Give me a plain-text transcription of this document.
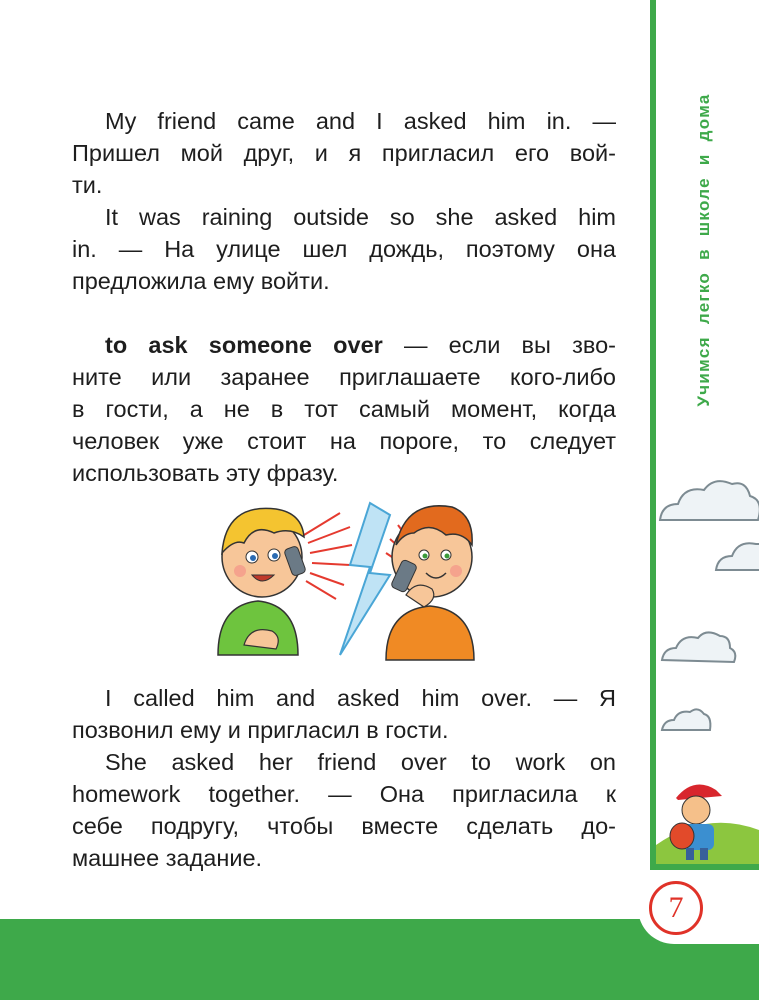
Учимся легко в школе и дома
7

My friend came and I asked him in. —
Пришел мой друг, и я пригласил его вой-
ти.

It was raining outside so she asked him
in. — На улице шел дождь, поэтому она
предложила ему войти.

to ask someone over — если вы зво-
ните или заранее приглашаете кого-либо
в гости, а не в тот самый момент, когда
человек уже стоит на пороге, то следует
использовать эту фразу.

I called him and asked him over. — Я
позвонил ему и пригласил в гости.

She asked her friend over to work on
homework together. — Она пригласила к
себе подругу, чтобы вместе сделать до-
машнее задание.
